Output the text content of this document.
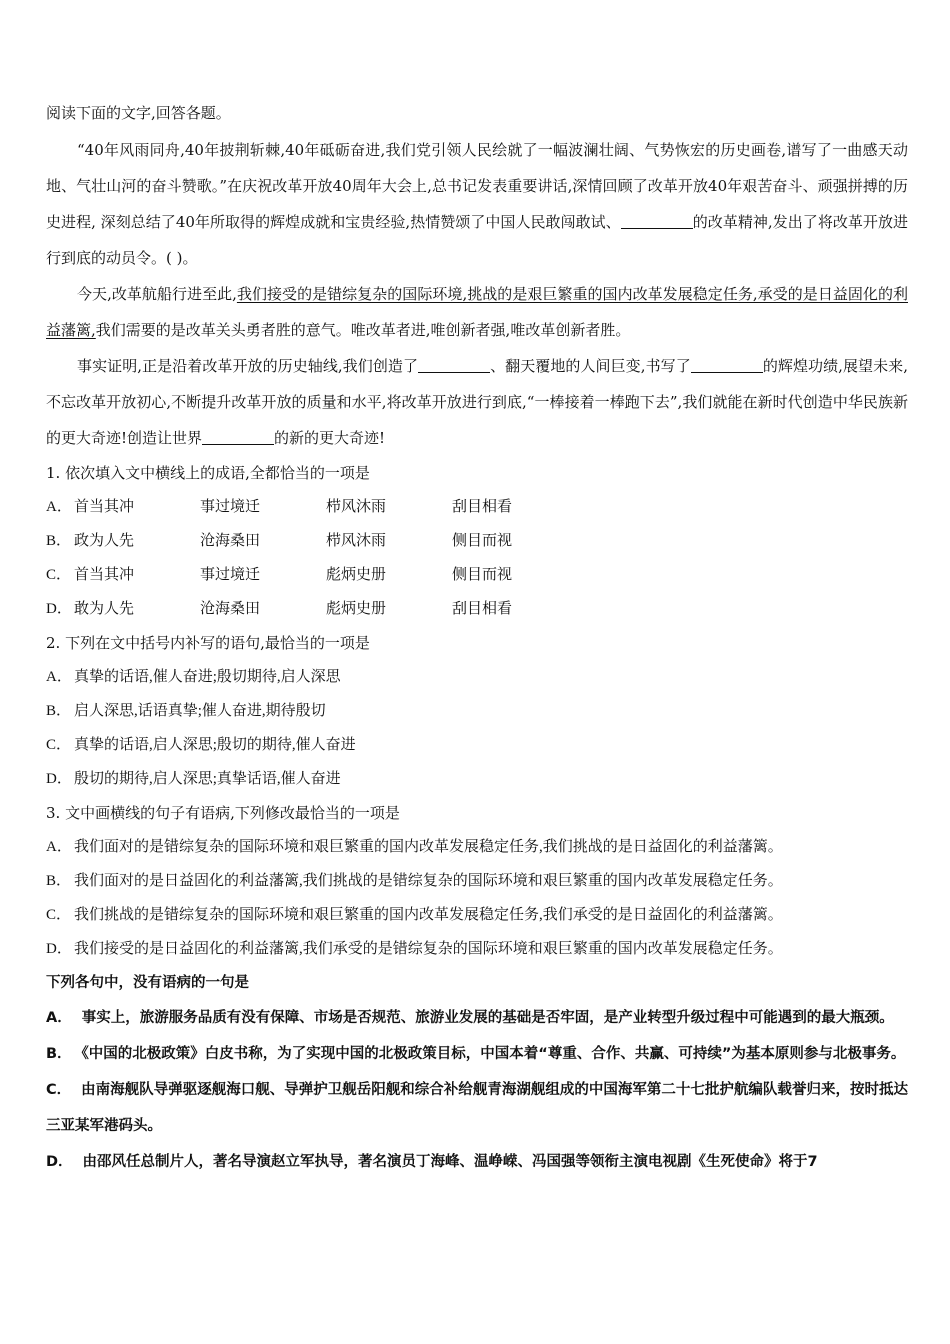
阅读下面的文字,回答各题。

“40年风雨同舟,40年披荆斩棘,40年砥砺奋进,我们党引领人民绘就了一幅波澜壮阔、气势恢宏的历史画卷,谱写了一曲感天动地、气壮山河的奋斗赞歌。”在庆祝改革开放40周年大会上,总书记发表重要讲话,深情回顾了改革开放40年艰苦奋斗、顽强拼搏的历史进程, 深刻总结了40年所取得的辉煌成就和宝贵经验,热情赞颂了中国人民敢闯敢试、	的改革精神,发出了将改革开放进行到底的动员令。( )。

今天,改革航船行进至此,我们接受的是错综复杂的国际环境,挑战的是艰巨繁重的国内改革发展稳定任务,承受的是日益固化的利益藩篱,我们需要的是改革关头勇者胜的意气。唯改革者进,唯创新者强,唯改革创新者胜。

事实证明,正是沿着改革开放的历史轴线,我们创造了	、翻天覆地的人间巨变,书写了	的辉煌功绩,展望未来,不忘改革开放初心,不断提升改革开放的质量和水平,将改革开放进行到底,“一棒接着一棒跑下去”,我们就能在新时代创造中华民族新的更大奇迹!创造让世界	的新的更大奇迹!

1. 依次填入文中横线上的成语,全都恰当的一项是

A． 首当其冲	事过境迁	栉风沐雨	刮目相看

B． 政为人先	沧海桑田	栉风沐雨	侧目而视

C． 首当其冲	事过境迁	彪炳史册	侧目而视

D． 敢为人先	沧海桑田	彪炳史册	刮目相看

2. 下列在文中括号内补写的语句,最恰当的一项是

A． 真挚的话语,催人奋进;殷切期待,启人深思

B． 启人深思,话语真挚;催人奋进,期待殷切

C． 真挚的话语,启人深思;殷切的期待,催人奋进

D． 殷切的期待,启人深思;真挚话语,催人奋进

3. 文中画横线的句子有语病,下列修改最恰当的一项是

A． 我们面对的是错综复杂的国际环境和艰巨繁重的国内改革发展稳定任务,我们挑战的是日益固化的利益藩篱。

B． 我们面对的是日益固化的利益藩篱,我们挑战的是错综复杂的国际环境和艰巨繁重的国内改革发展稳定任务。

C． 我们挑战的是错综复杂的国际环境和艰巨繁重的国内改革发展稳定任务,我们承受的是日益固化的利益藩篱。

D． 我们接受的是日益固化的利益藩篱,我们承受的是错综复杂的国际环境和艰巨繁重的国内改革发展稳定任务。

下列各句中，没有语病的一句是

A． 事实上，旅游服务品质有没有保障、市场是否规范、旅游业发展的基础是否牢固，是产业转型升级过程中可能遇到的最大瓶颈。

B． 《中国的北极政策》白皮书称，为了实现中国的北极政策目标，中国本着“尊重、合作、共赢、可持续”为基本原则参与北极事务。

C． 由南海舰队导弹驱逐舰海口舰、导弹护卫舰岳阳舰和综合补给舰青海湖舰组成的中国海军第二十七批护航编队载誉归来，按时抵达三亚某军港码头。

D． 由邵风任总制片人，著名导演赵立军执导，著名演员丁海峰、温峥嵘、冯国强等领衔主演电视剧《生死使命》将于7
